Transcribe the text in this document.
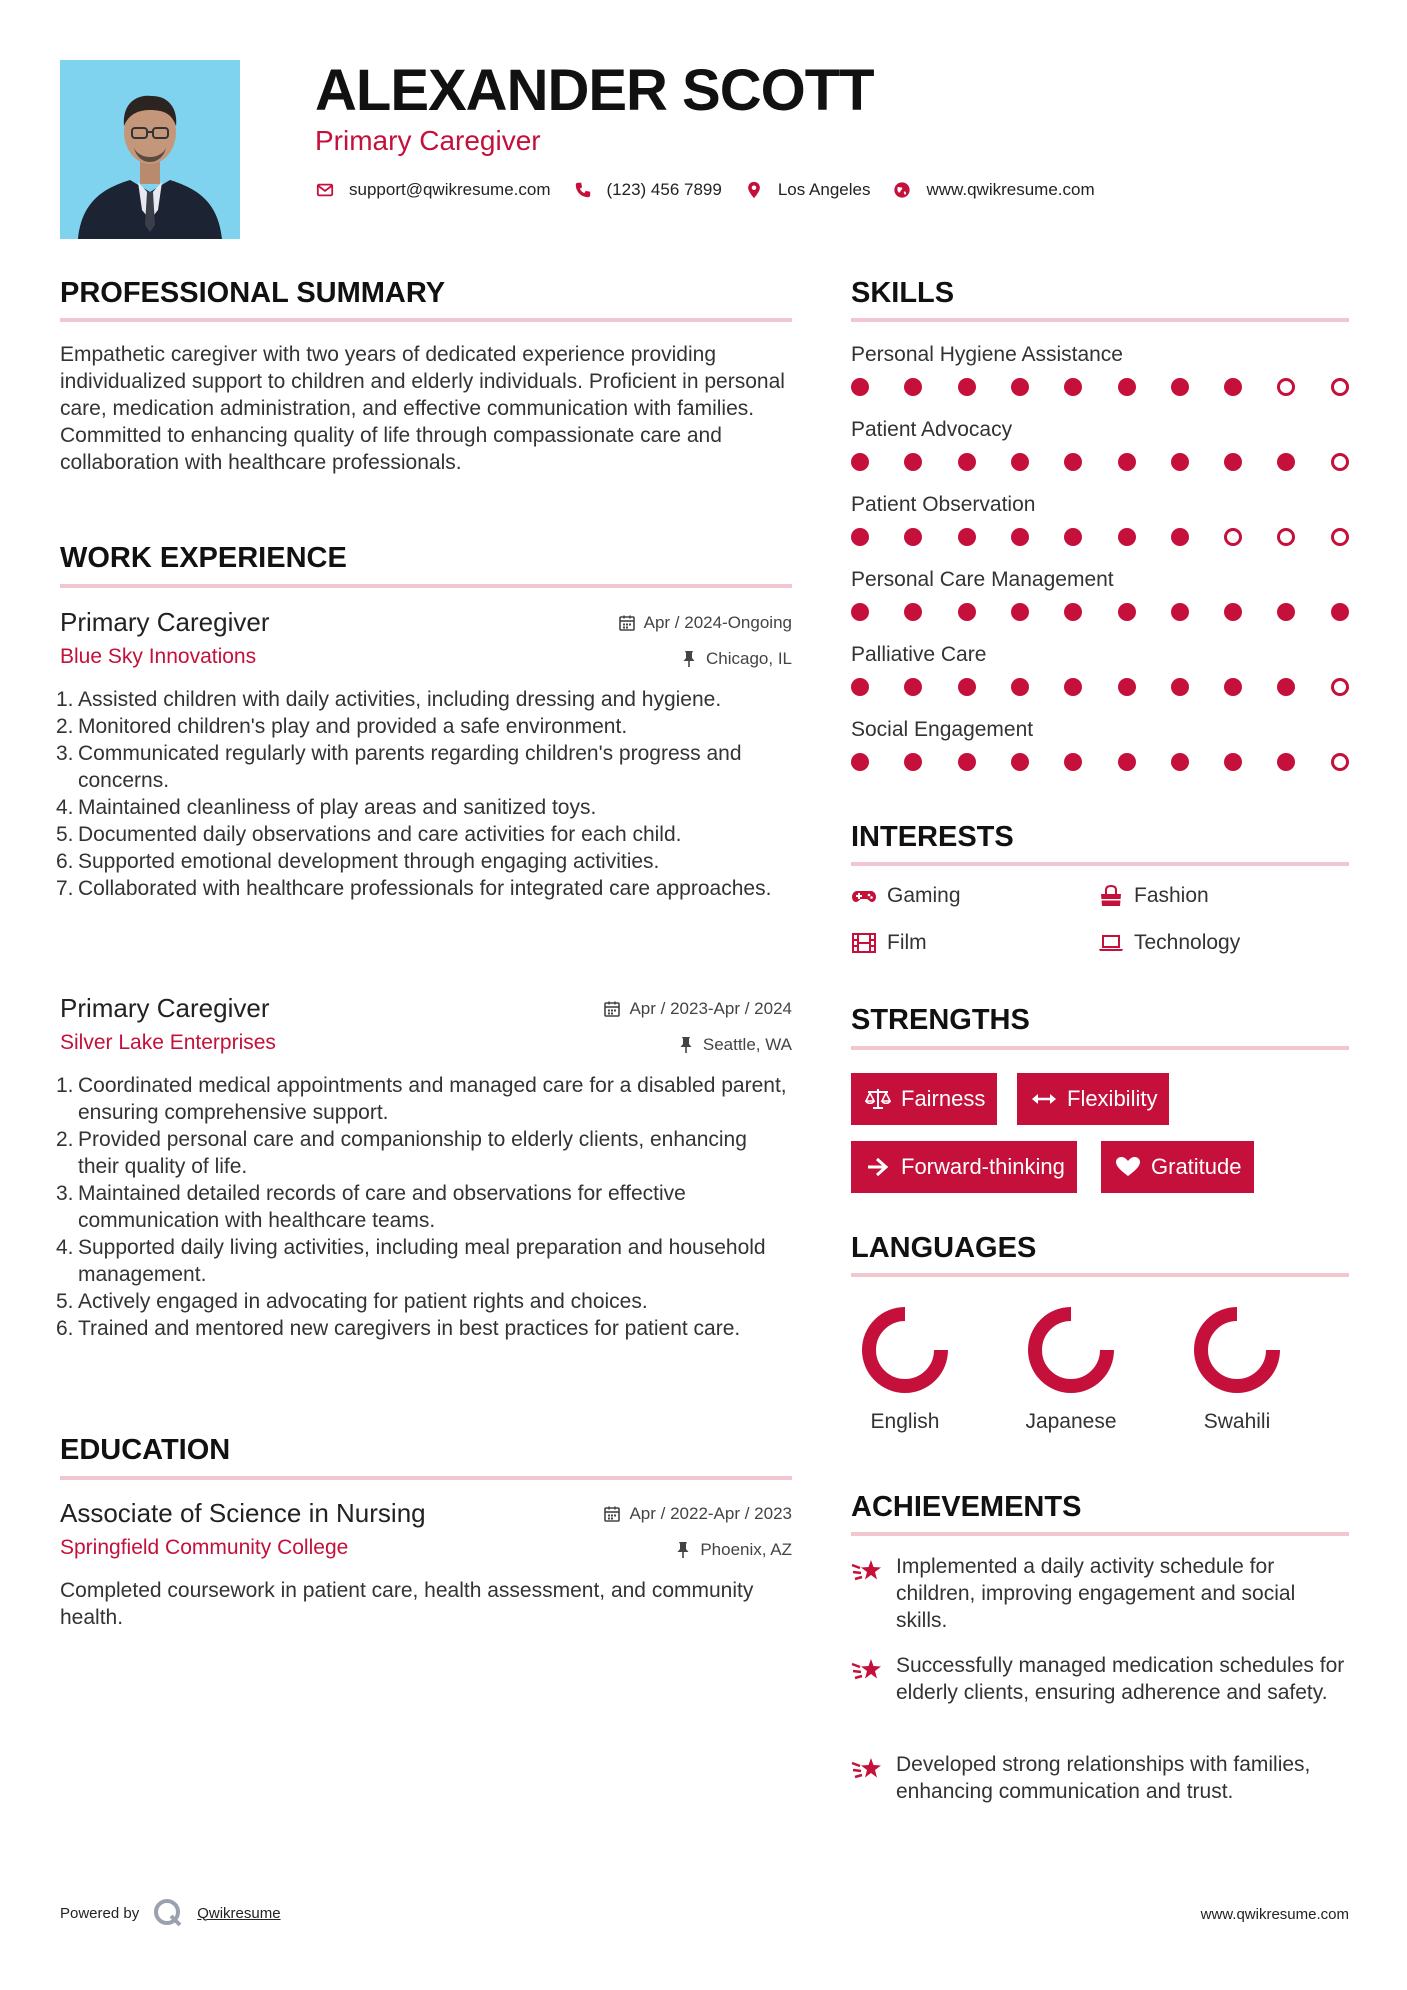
ALEXANDER SCOTT
Primary Caregiver
support@qwikresume.com	(123) 456 7899	Los Angeles	www.qwikresume.com
PROFESSIONAL SUMMARY
Empathetic caregiver with two years of dedicated experience providing individualized support to children and elderly individuals. Proficient in personal care, medication administration, and effective communication with families. Committed to enhancing quality of life through compassionate care and collaboration with healthcare professionals.
WORK EXPERIENCE
Primary Caregiver	Apr / 2024-Ongoing
Blue Sky Innovations	Chicago, IL
1. Assisted children with daily activities, including dressing and hygiene.
2. Monitored children's play and provided a safe environment.
3. Communicated regularly with parents regarding children's progress and concerns.
4. Maintained cleanliness of play areas and sanitized toys.
5. Documented daily observations and care activities for each child.
6. Supported emotional development through engaging activities.
7. Collaborated with healthcare professionals for integrated care approaches.
Primary Caregiver	Apr / 2023-Apr / 2024
Silver Lake Enterprises	Seattle, WA
1. Coordinated medical appointments and managed care for a disabled parent, ensuring comprehensive support.
2. Provided personal care and companionship to elderly clients, enhancing their quality of life.
3. Maintained detailed records of care and observations for effective communication with healthcare teams.
4. Supported daily living activities, including meal preparation and household management.
5. Actively engaged in advocating for patient rights and choices.
6. Trained and mentored new caregivers in best practices for patient care.
EDUCATION
Associate of Science in Nursing	Apr / 2022-Apr / 2023
Springfield Community College	Phoenix, AZ
Completed coursework in patient care, health assessment, and community health.
SKILLS
Personal Hygiene Assistance
Patient Advocacy
Patient Observation
Personal Care Management
Palliative Care
Social Engagement
INTERESTS
Gaming	Fashion
Film	Technology
STRENGTHS
Fairness	Flexibility
Forward-thinking	Gratitude
LANGUAGES
English	Japanese	Swahili
ACHIEVEMENTS
Implemented a daily activity schedule for children, improving engagement and social skills.
Successfully managed medication schedules for elderly clients, ensuring adherence and safety.
Developed strong relationships with families, enhancing communication and trust.
Powered by	Qwikresume	www.qwikresume.com
